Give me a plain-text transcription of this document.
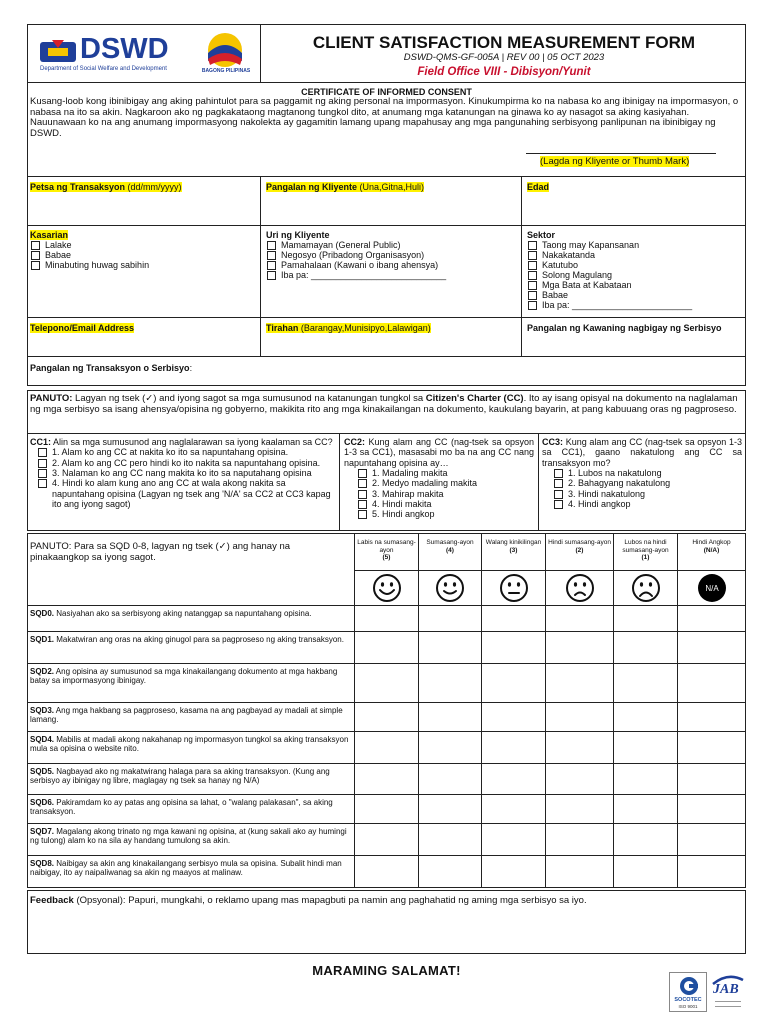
DSWD
Department of Social Welfare and Development	BAGONG PILIPINAS
CLIENT SATISFACTION MEASUREMENT FORM
DSWD-QMS-GF-005A | REV 00 | 05 OCT 2023
Field Office VIII - Dibisyon/Yunit
CERTIFICATE OF INFORMED CONSENT
Kusang-loob kong ibinibigay ang aking pahintulot para sa paggamit ng aking personal na impormasyon. Kinukumpirma ko na nabasa ko ang ibinigay na impormasyon, o nabasa na ito sa akin. Nagkaroon ako ng pagkakataong magtanong tungkol dito, at anumang mga katanungan na ginawa ko ay nasagot sa aking kasiyahan. Nauunawaan ko na ang anumang impormasyong nakolekta ay gagamitin lamang upang mapahusay ang mga pangunahing serbisyong panlipunan na ibinibigay ng DSWD.
(Lagda ng Kliyente or Thumb Mark)
Petsa ng Transaksyon (dd/mm/yyyy)	Pangalan ng Kliyente (Una,Gitna,Huli)	Edad
Kasarian
Lalake
Babae
Minabuting huwag sabihin
Uri ng Kliyente
Mamamayan (General Public)
Negosyo (Pribadong Organisasyon)
Pamahalaan (Kawani o ibang ahensya)
Iba pa: ___________________________
Sektor
Taong may Kapansanan
Nakakatanda
Katutubo
Solong Magulang
Mga Bata at Kabataan
Babae
Iba pa: ________________________
Telepono/Email Address	Tirahan (Barangay,Munisipyo,Lalawigan)	Pangalan ng Kawaning nagbigay ng Serbisyo
Pangalan ng Transaksyon o Serbisyo:
PANUTO: Lagyan ng tsek (✓) and iyong sagot sa mga sumusunod na katanungan tungkol sa Citizen's Charter (CC). Ito ay isang opisyal na dokumento na naglalaman ng mga serbisyo sa isang ahensya/opisina ng gobyerno, makikita rito ang mga kinakailangan na dokumento, kaukulang bayarin, at pang kabuuang oras ng pagproseso.
CC1: Alin sa mga sumusunod ang naglalarawan sa iyong kaalaman sa CC?
1. Alam ko ang CC at nakita ko ito sa napuntahang opisina.
2. Alam ko ang CC pero hindi ko ito nakita sa napuntahang opisina.
3. Nalaman ko ang CC nang makita ko ito sa naputahang opisina
4. Hindi ko alam kung ano ang CC at wala akong nakita sa napuntahang opisina (Lagyan ng tsek ang 'N/A' sa CC2 at CC3 kapag ito ang iyong sagot)
CC2: Kung alam ang CC (nag-tsek sa opsyon 1-3 sa CC1), masasabi mo ba na ang CC nang napuntahang opisina ay…
1. Madaling makita
2. Medyo madaling makita
3. Mahirap makita
4. Hindi makita
5. Hindi angkop
CC3: Kung alam ang CC (nag-tsek sa opsyon 1-3 sa CC1), gaano nakatulong ang CC sa transaksyon mo?
1. Lubos na nakatulong
2. Bahagyang nakatulong
3. Hindi nakatulong
4. Hindi angkop
PANUTO: Para sa SQD 0-8, lagyan ng tsek (✓) ang hanay na pinakaangkop sa iyong sagot.
Labis na sumasang-ayon
(5)
Sumasang-ayon
(4)
Walang kinikilingan
(3)
Hindi sumasang-ayon
(2)
Lubos na hindi sumasang-ayon
(1)
Hindi Angkop
(N/A)
N/A
SQD0. Nasiyahan ako sa serbisyong aking natanggap sa napuntahang opisina.
SQD1. Makatwiran ang oras na aking ginugol para sa pagproseso ng aking transaksyon.
SQD2. Ang opisina ay sumusunod sa mga kinakailangang dokumento at mga hakbang batay sa impormasyong ibinigay.
SQD3. Ang mga hakbang sa pagproseso, kasama na ang pagbayad ay madali at simple lamang.
SQD4. Mabilis at madali akong nakahanap ng impormasyon tungkol sa aking transaksyon mula sa opisina o website nito.
SQD5. Nagbayad ako ng makatwirang halaga para sa aking transaksyon. (Kung ang serbisyo ay ibinigay ng libre, maglagay ng tsek sa hanay ng N/A)
SQD6. Pakiramdam ko ay patas ang opisina sa lahat, o "walang palakasan", sa aking transaksyon.
SQD7. Magalang akong trinato ng mga kawani ng opisina, at (kung sakali ako ay humingi ng tulong) alam ko na sila ay handang tumulong sa akin.
SQD8. Naibigay sa akin ang kinakailangang serbisyo mula sa opisina. Subalit hindi man naibigay, ito ay naipaliwanag sa akin ng maayos at malinaw.
Feedback (Opsyonal): Papuri, mungkahi, o reklamo upang mas mapagbuti pa namin ang paghahatid ng aming mga serbisyo sa iyo.
MARAMING SALAMAT!
SOCOTEC
ISO 9001
JAB
